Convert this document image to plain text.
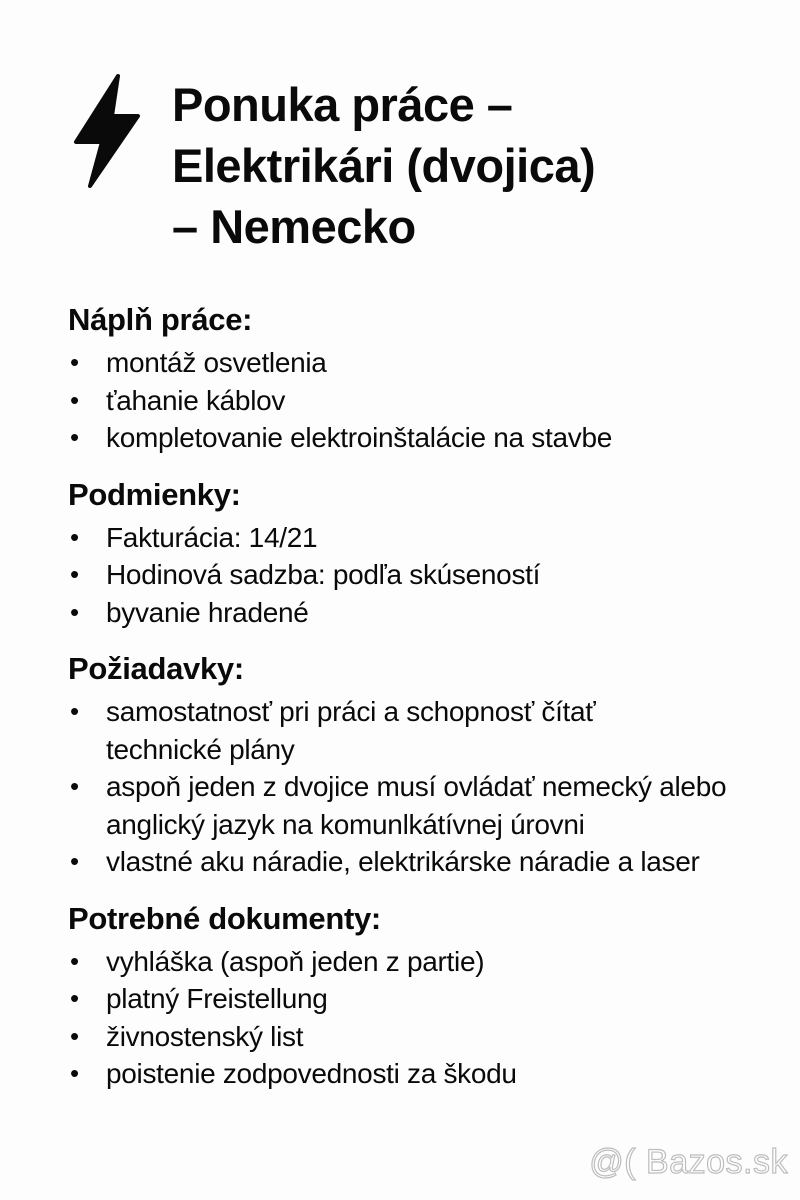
Ponuka práce –
Elektrikári (dvojica)
– Nemecko
Náplň práce:
• montáž osvetlenia
• ťahanie káblov
• kompletovanie elektroinštalácie na stavbe
Podmienky:
• Fakturácia: 14/21
• Hodinová sadzba: podľa skúseností
• byvanie hradené
Požiadavky:
• samostatnosť pri práci a schopnosť čítať technické plány
• aspoň jeden z dvojice musí ovládať nemecký alebo anglický jazyk na komunlkátívnej úrovni
• vlastné aku náradie, elektrikárske náradie a laser
Potrebné dokumenty:
• vyhláška (aspoň jeden z partie)
• platný Freistellung
• živnostenský list
• poistenie zodpovednosti za škodu
@( Bazos.sk
